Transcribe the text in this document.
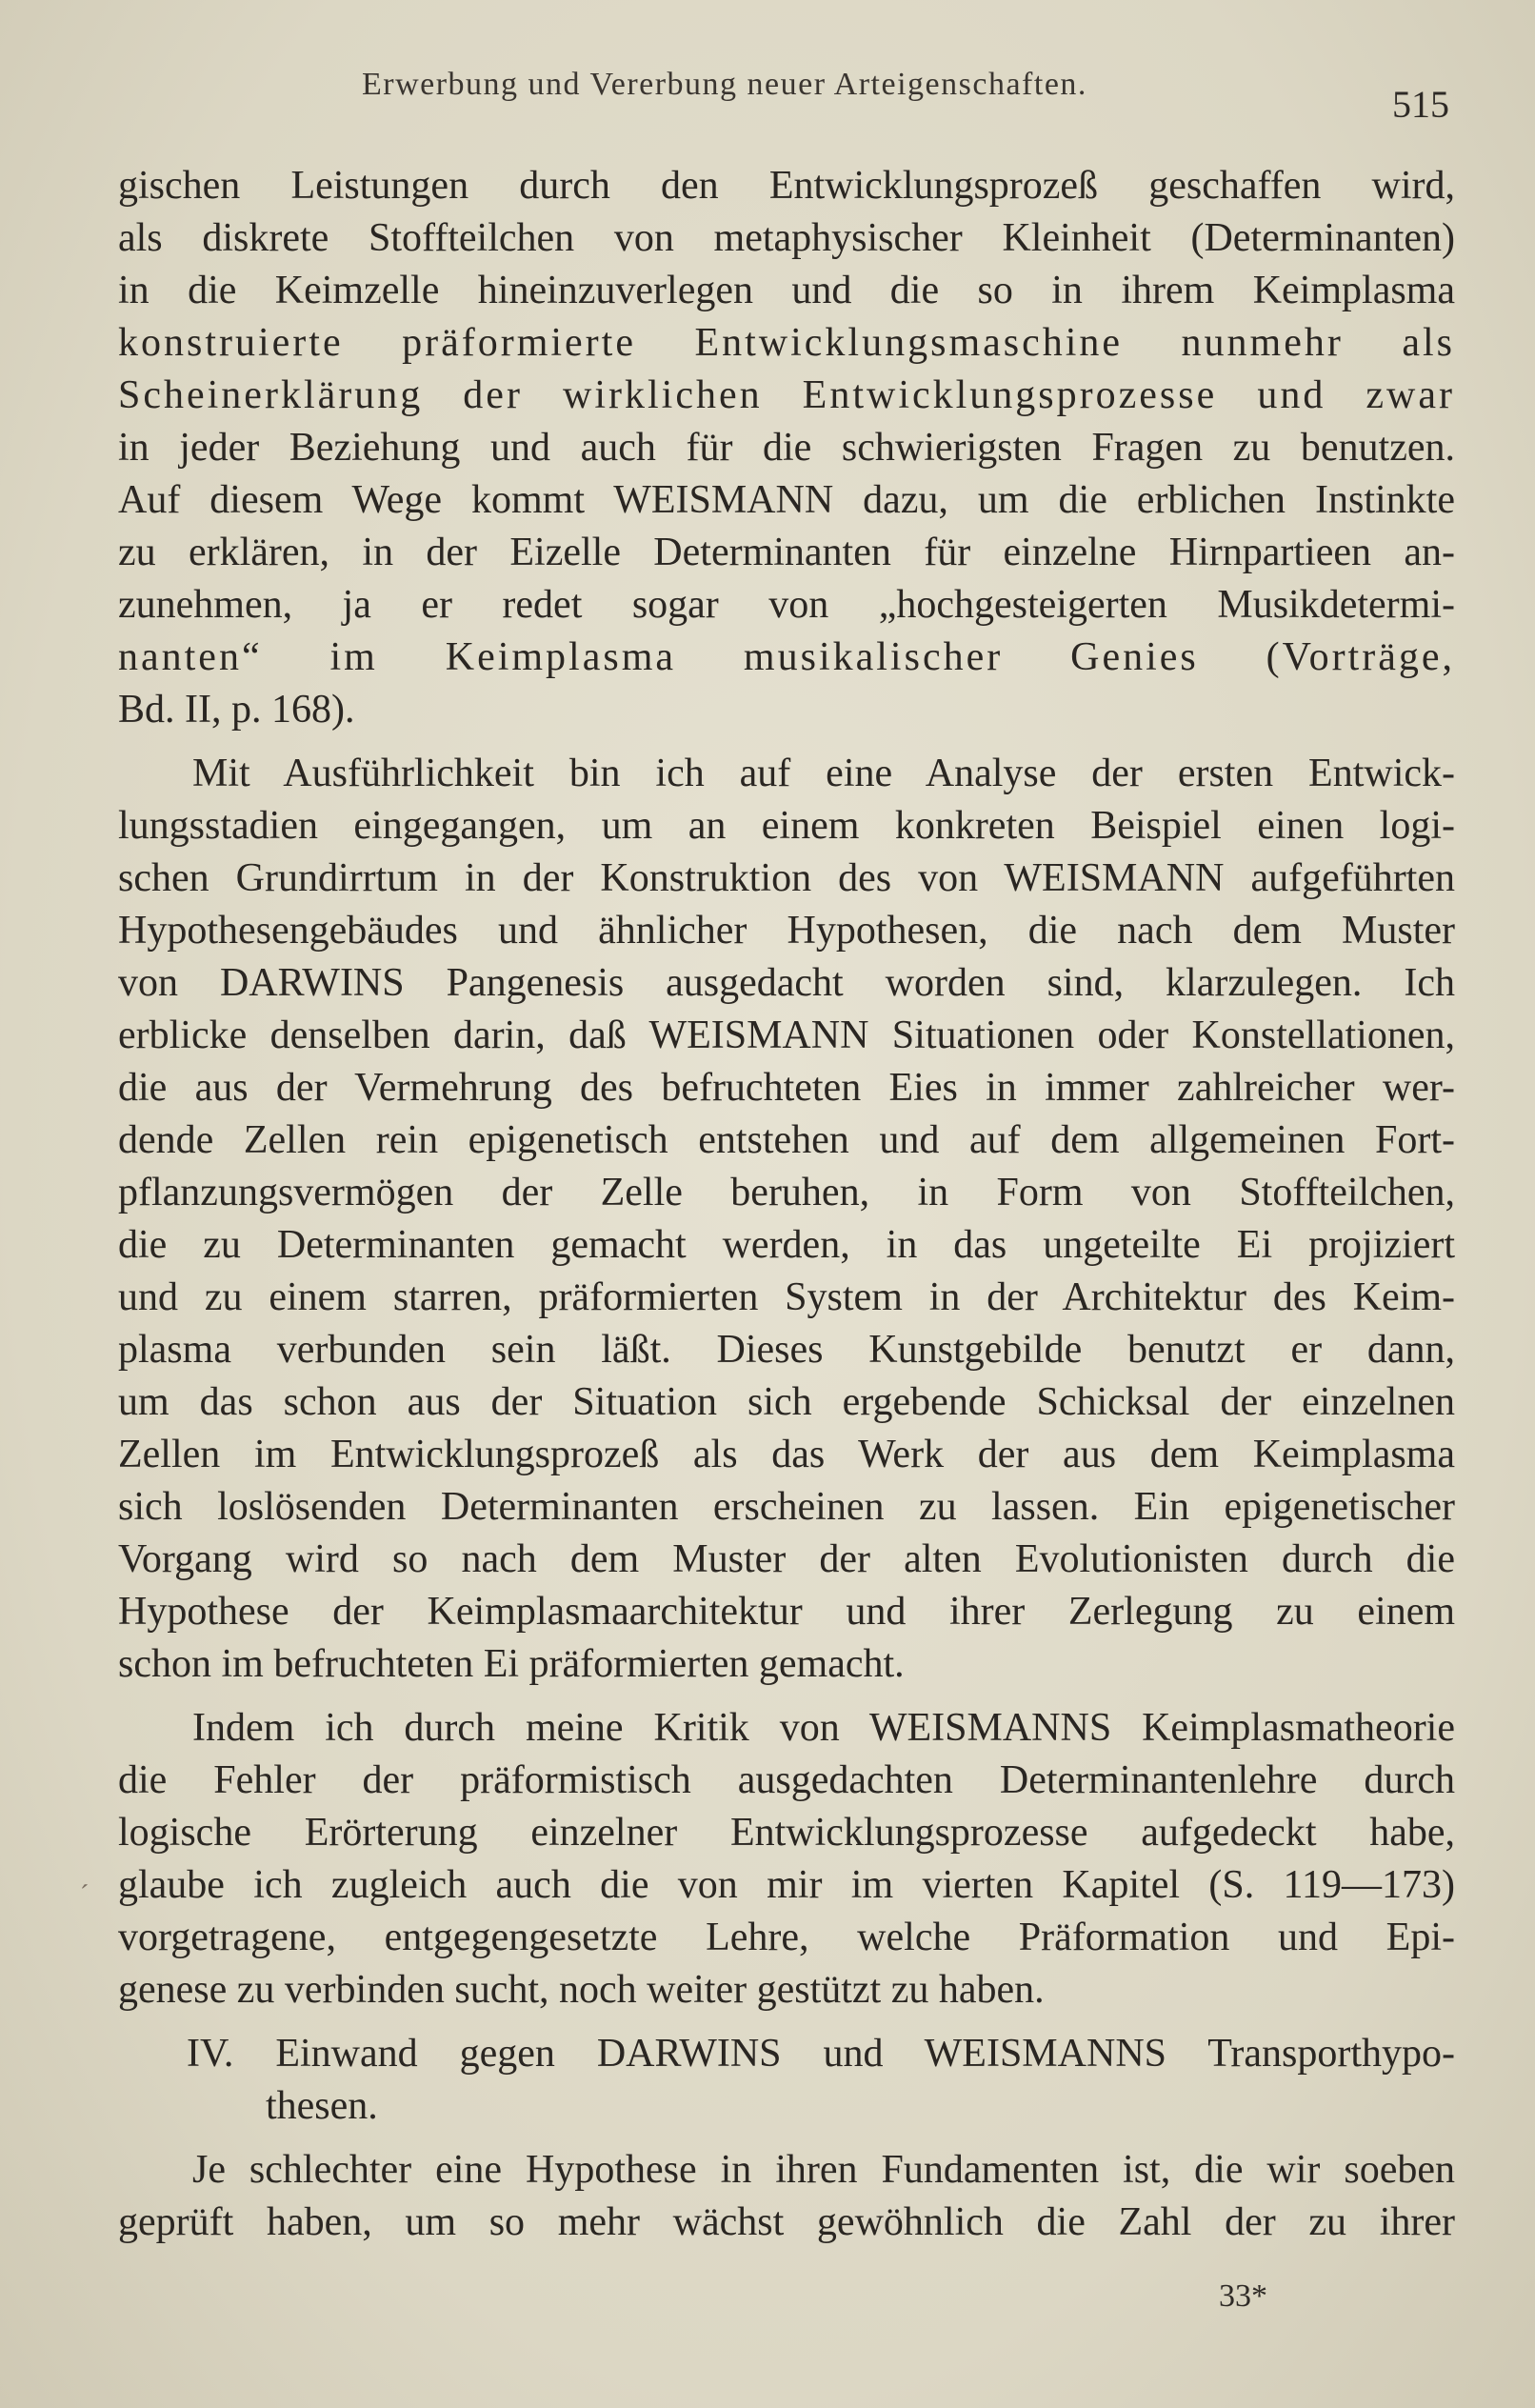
Erwerbung und Vererbung neuer Arteigenschaften.	515
gischen Leistungen durch den Entwicklungsprozeß geschaffen wird,
als diskrete Stoffteilchen von metaphysischer Kleinheit (Determinanten)
in die Keimzelle hineinzuverlegen und die so in ihrem Keimplasma
konstruierte präformierte Entwicklungsmaschine nunmehr als
Scheinerklärung der wirklichen Entwicklungsprozesse und zwar
in jeder Beziehung und auch für die schwierigsten Fragen zu benutzen.
Auf diesem Wege kommt WEISMANN dazu, um die erblichen Instinkte
zu erklären, in der Eizelle Determinanten für einzelne Hirnpartieen an-
zunehmen, ja er redet sogar von „hochgesteigerten Musikdetermi-
nanten“ im Keimplasma musikalischer Genies (Vorträge,
Bd. II, p. 168).
Mit Ausführlichkeit bin ich auf eine Analyse der ersten Entwick-
lungsstadien eingegangen, um an einem konkreten Beispiel einen logi-
schen Grundirrtum in der Konstruktion des von WEISMANN aufgeführten
Hypothesengebäudes und ähnlicher Hypothesen, die nach dem Muster
von DARWINS Pangenesis ausgedacht worden sind, klarzulegen. Ich
erblicke denselben darin, daß WEISMANN Situationen oder Konstellationen,
die aus der Vermehrung des befruchteten Eies in immer zahlreicher wer-
dende Zellen rein epigenetisch entstehen und auf dem allgemeinen Fort-
pflanzungsvermögen der Zelle beruhen, in Form von Stoffteilchen,
die zu Determinanten gemacht werden, in das ungeteilte Ei projiziert
und zu einem starren, präformierten System in der Architektur des Keim-
plasma verbunden sein läßt. Dieses Kunstgebilde benutzt er dann,
um das schon aus der Situation sich ergebende Schicksal der einzelnen
Zellen im Entwicklungsprozeß als das Werk der aus dem Keimplasma
sich loslösenden Determinanten erscheinen zu lassen. Ein epigenetischer
Vorgang wird so nach dem Muster der alten Evolutionisten durch die
Hypothese der Keimplasmaarchitektur und ihrer Zerlegung zu einem
schon im befruchteten Ei präformierten gemacht.
Indem ich durch meine Kritik von WEISMANNS Keimplasmatheorie
die Fehler der präformistisch ausgedachten Determinantenlehre durch
logische Erörterung einzelner Entwicklungsprozesse aufgedeckt habe,
glaube ich zugleich auch die von mir im vierten Kapitel (S. 119—173)
vorgetragene, entgegengesetzte Lehre, welche Präformation und Epi-
genese zu verbinden sucht, noch weiter gestützt zu haben.
IV. Einwand gegen DARWINS und WEISMANNS Transporthypo-
thesen.
Je schlechter eine Hypothese in ihren Fundamenten ist, die wir soeben
geprüft haben, um so mehr wächst gewöhnlich die Zahl der zu ihrer
´
33*
